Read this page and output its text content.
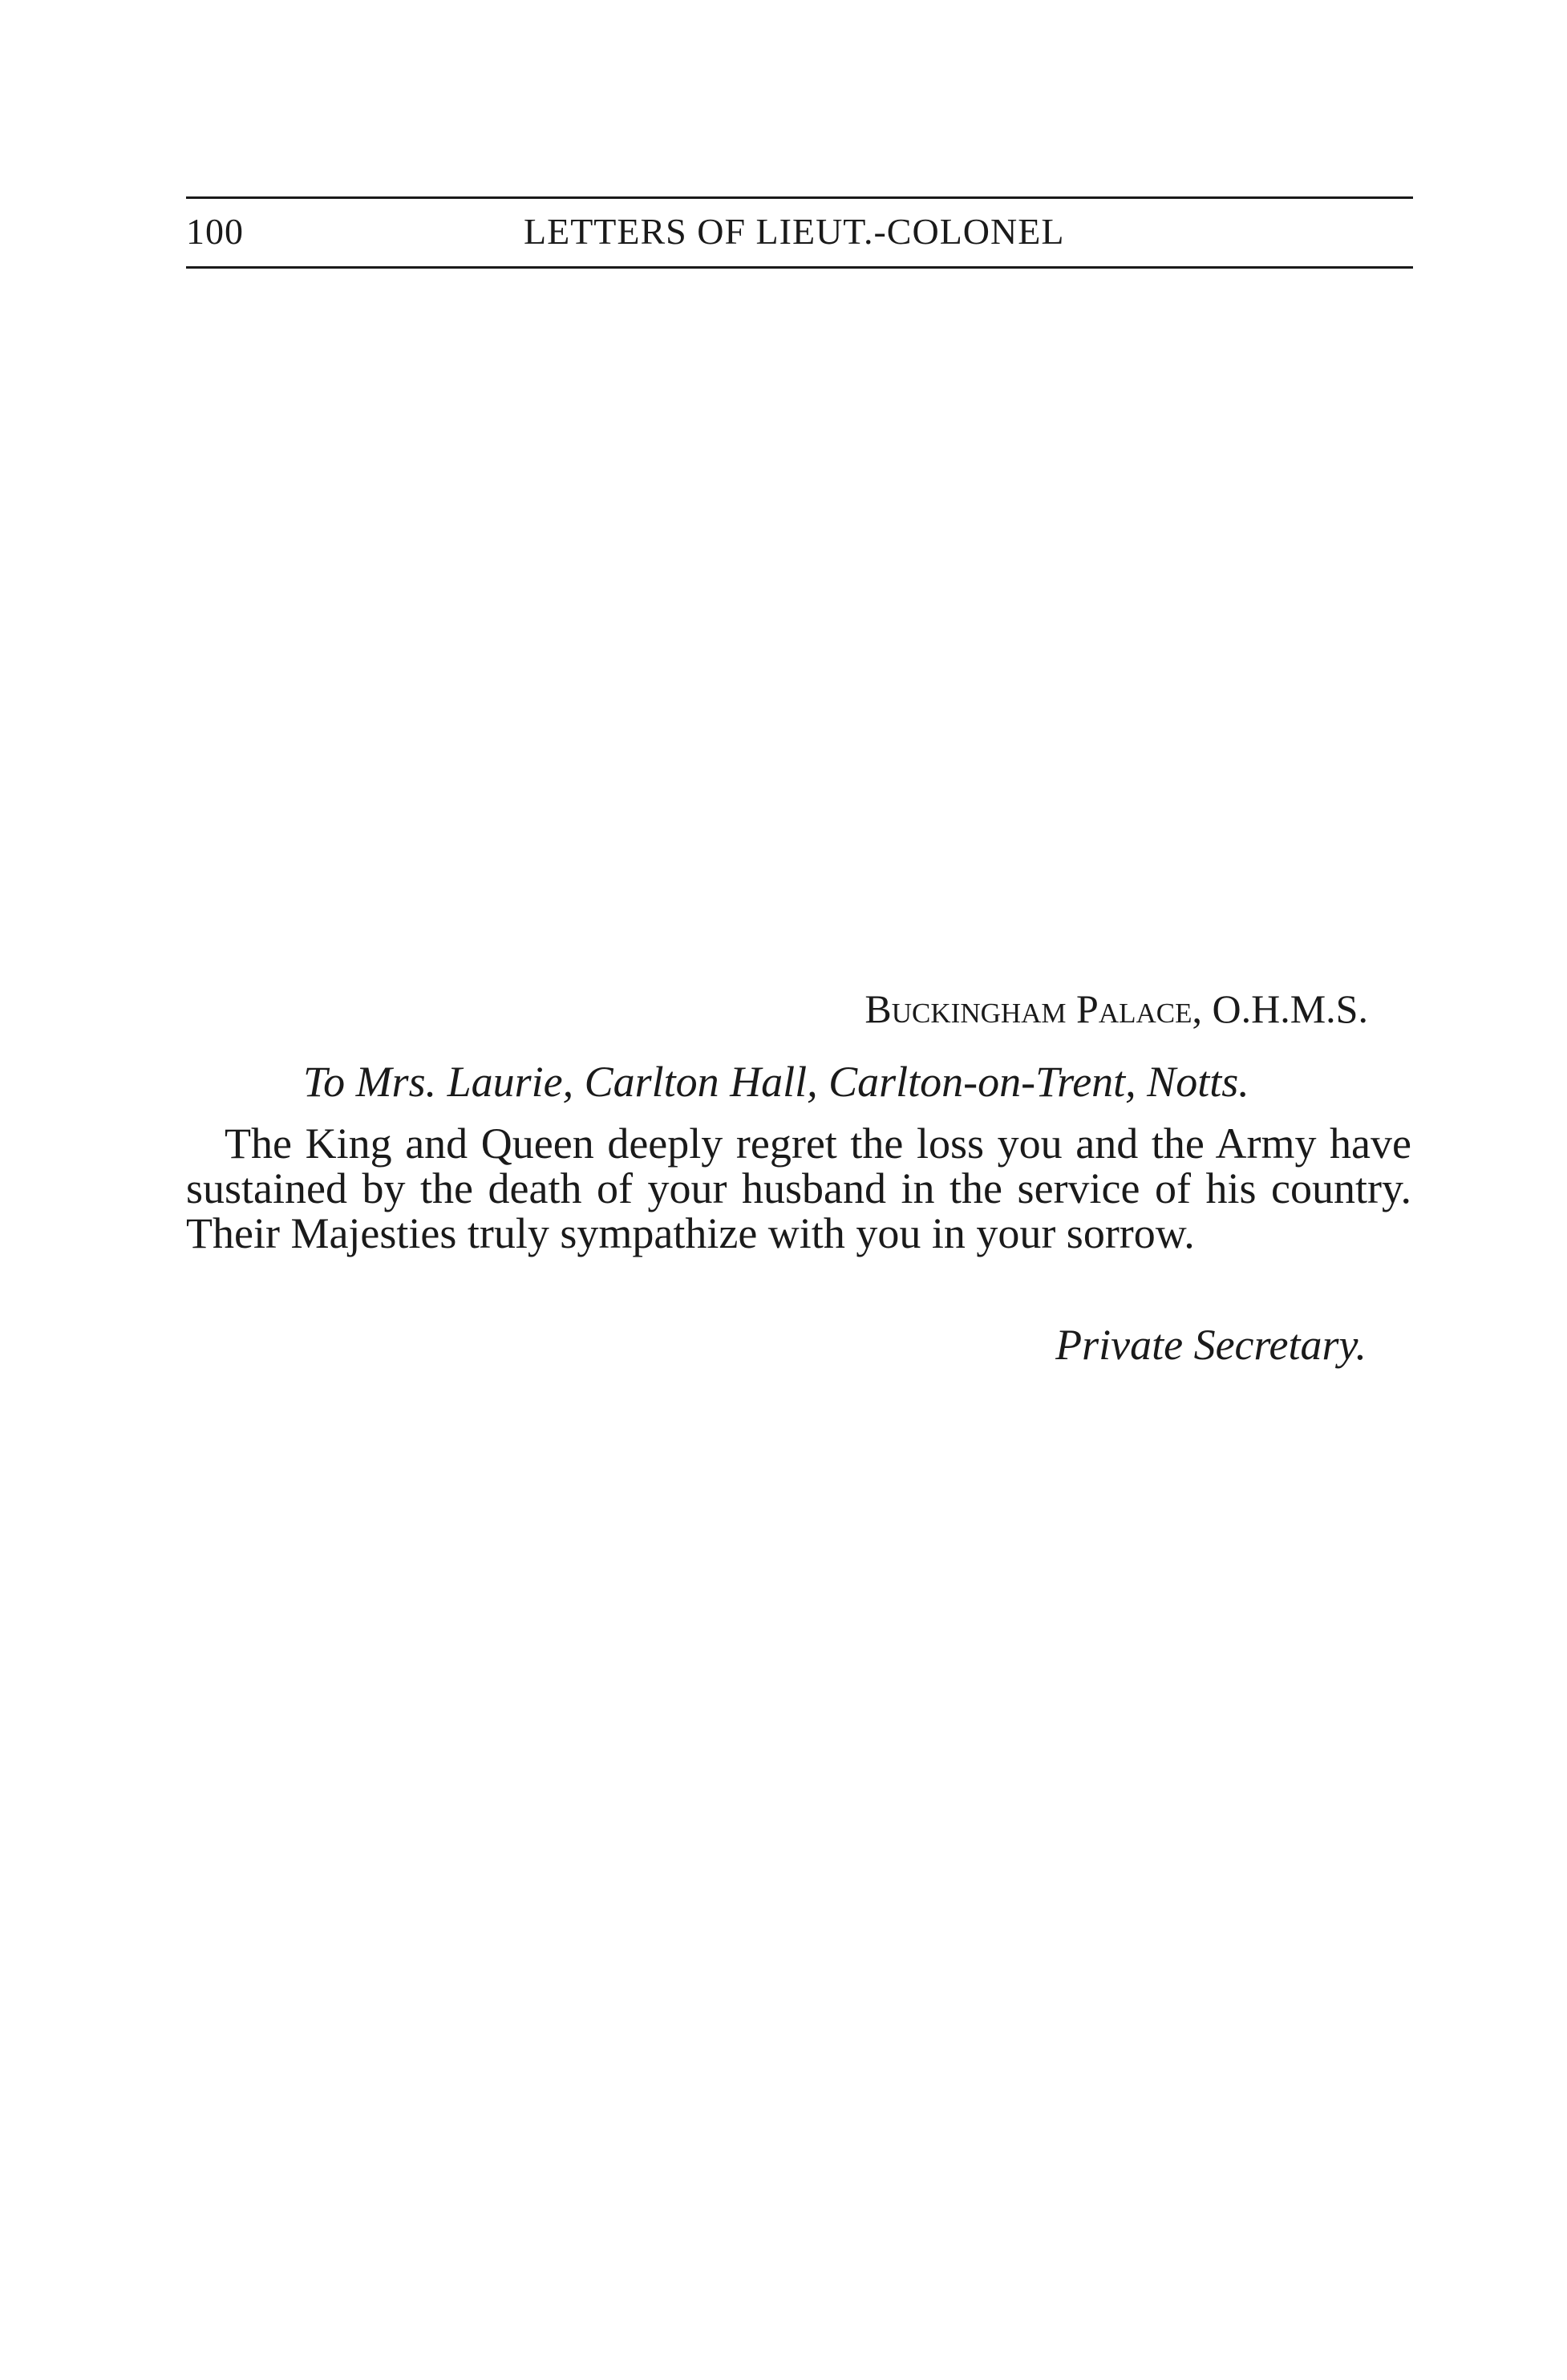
100	LETTERS OF LIEUT.-COLONEL
Buckingham Palace, O.H.M.S.
To Mrs. Laurie, Carlton Hall, Carlton-on-Trent, Notts.

The King and Queen deeply regret the loss you and the Army have sustained by the death of your husband in the service of his country. Their Majesties truly sympathize with you in your sorrow.

Private Secretary.
